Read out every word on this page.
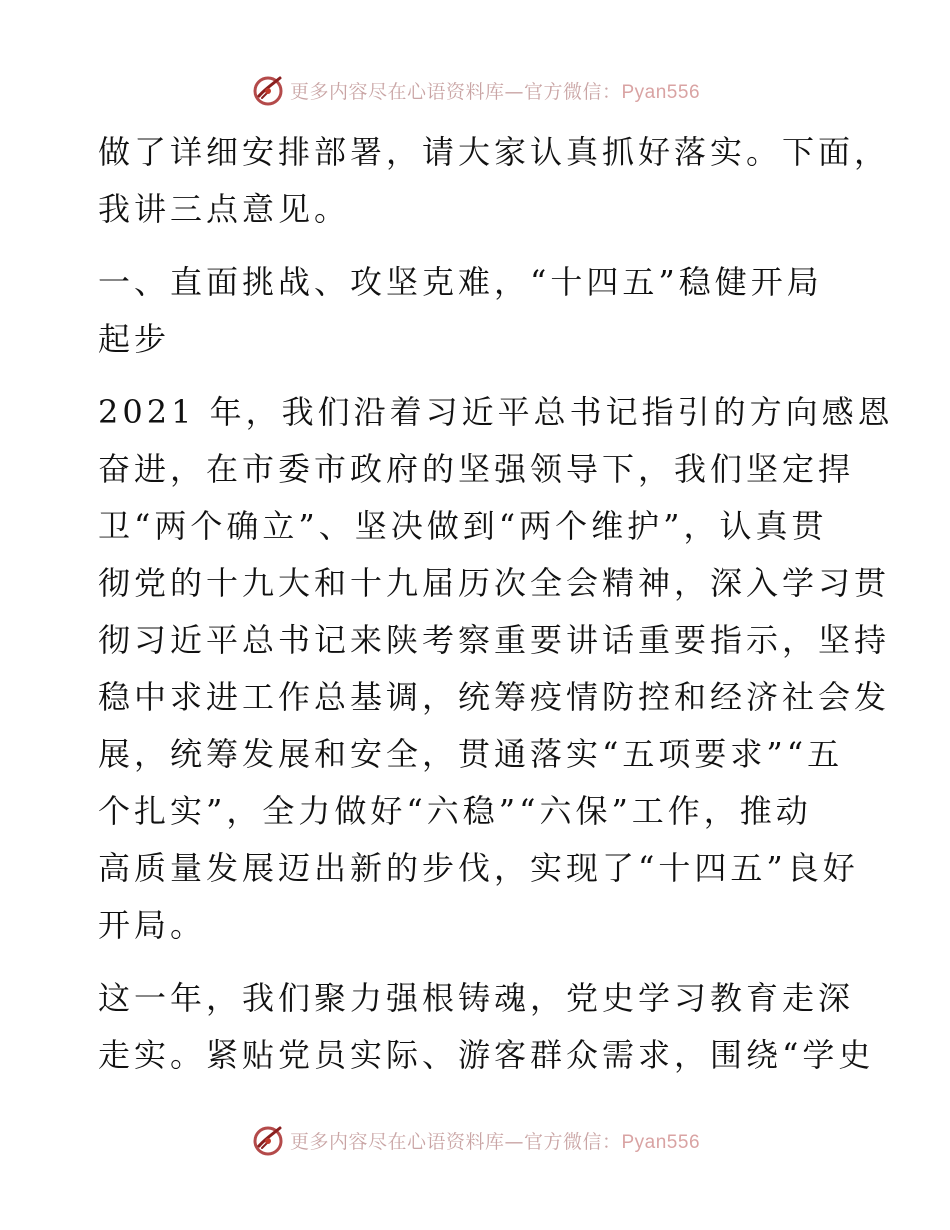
更多内容尽在心语资料库—官方微信：Pyan556

做了详细安排部署，请大家认真抓好落实。下面，
我讲三点意见。

一、直面挑战、攻坚克难，“十四五”稳健开局
起步

2021 年，我们沿着习近平总书记指引的方向感恩
奋进，在市委市政府的坚强领导下，我们坚定捍
卫“两个确立”、坚决做到“两个维护”，认真贯
彻党的十九大和十九届历次全会精神，深入学习贯
彻习近平总书记来陕考察重要讲话重要指示，坚持
稳中求进工作总基调，统筹疫情防控和经济社会发
展，统筹发展和安全，贯通落实“五项要求”“五
个扎实”，全力做好“六稳”“六保”工作，推动
高质量发展迈出新的步伐，实现了“十四五”良好
开局。

这一年，我们聚力强根铸魂，党史学习教育走深
走实。紧贴党员实际、游客群众需求，围绕“学史

更多内容尽在心语资料库—官方微信：Pyan556
